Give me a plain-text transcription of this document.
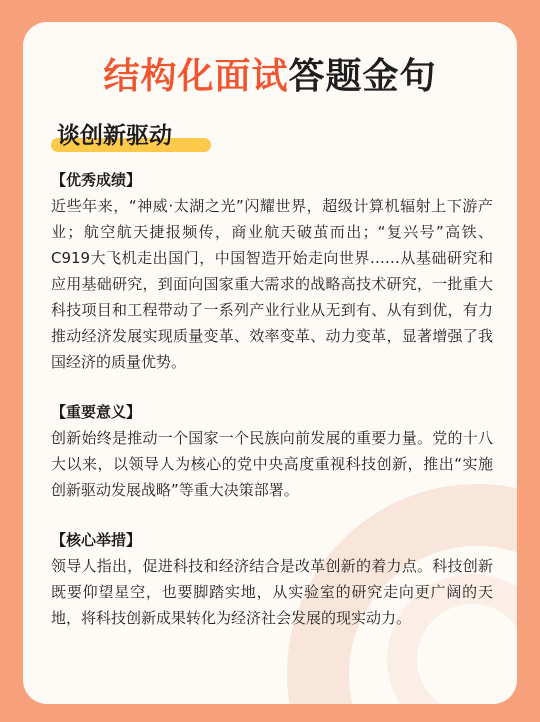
结构化面试答题金句
谈创新驱动
【优秀成绩】

近些年来，“神威·太湖之光”闪耀世界，超级计算机辐射上下游产业；航空航天捷报频传，商业航天破茧而出；“复兴号”高铁、C919大飞机走出国门，中国智造开始走向世界……从基础研究和应用基础研究，到面向国家重大需求的战略高技术研究，一批重大科技项目和工程带动了一系列产业行业从无到有、从有到优，有力推动经济发展实现质量变革、效率变革、动力变革，显著增强了我国经济的质量优势。

【重要意义】

创新始终是推动一个国家一个民族向前发展的重要力量。党的十八大以来，以领导人为核心的党中央高度重视科技创新，推出“实施创新驱动发展战略”等重大决策部署。

【核心举措】

领导人指出，促进科技和经济结合是改革创新的着力点。科技创新既要仰望星空，也要脚踏实地，从实验室的研究走向更广阔的天地，将科技创新成果转化为经济社会发展的现实动力。
